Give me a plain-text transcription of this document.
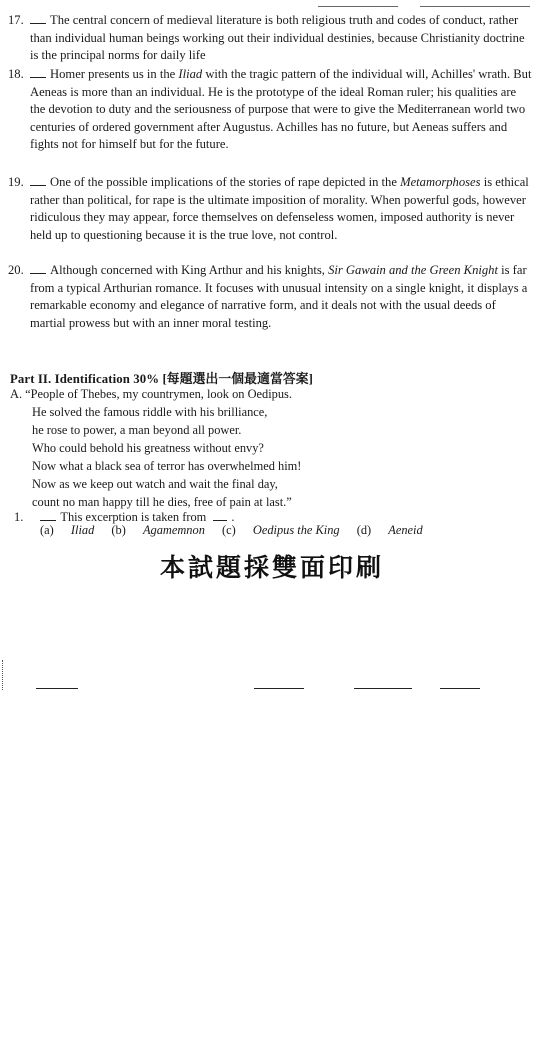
17.	The central concern of medieval literature is both religious truth and codes of conduct, rather than individual human beings working out their individual destinies, because Christianity doctrine is the principal norms for daily life
18.	Homer presents us in the Iliad with the tragic pattern of the individual will, Achilles' wrath. But Aeneas is more than an individual. He is the prototype of the ideal Roman ruler; his qualities are the devotion to duty and the seriousness of purpose that were to give the Mediterranean world two centuries of ordered government after Augustus. Achilles has no future, but Aeneas suffers and fights not for himself but for the future.
19.	One of the possible implications of the stories of rape depicted in the Metamorphoses is ethical rather than political, for rape is the ultimate imposition of morality. When powerful gods, however ridiculous they may appear, force themselves on defenseless women, imposed authority is never held up to questioning because it is the true love, not control.
20.	Although concerned with King Arthur and his knights, Sir Gawain and the Green Knight is far from a typical Arthurian romance. It focuses with unusual intensity on a single knight, it displays a remarkable economy and elegance of narrative form, and it deals not with the usual deeds of martial prowess but with an inner moral testing.
Part II. Identification 30% [每題選出一個最適當答案]
A. “People of Thebes, my countrymen, look on Oedipus.
He solved the famous riddle with his brilliance,
he rose to power, a man beyond all power.
Who could behold his greatness without envy?
Now what a black sea of terror has overwhelmed him!
Now as we keep out watch and wait the final day,
count no man happy till he dies, free of pain at last.”
1.	This excerption is taken from .
(a) Iliad (b) Agamemnon (c) Oedipus the King (d) Aeneid
本試題採雙面印刷
